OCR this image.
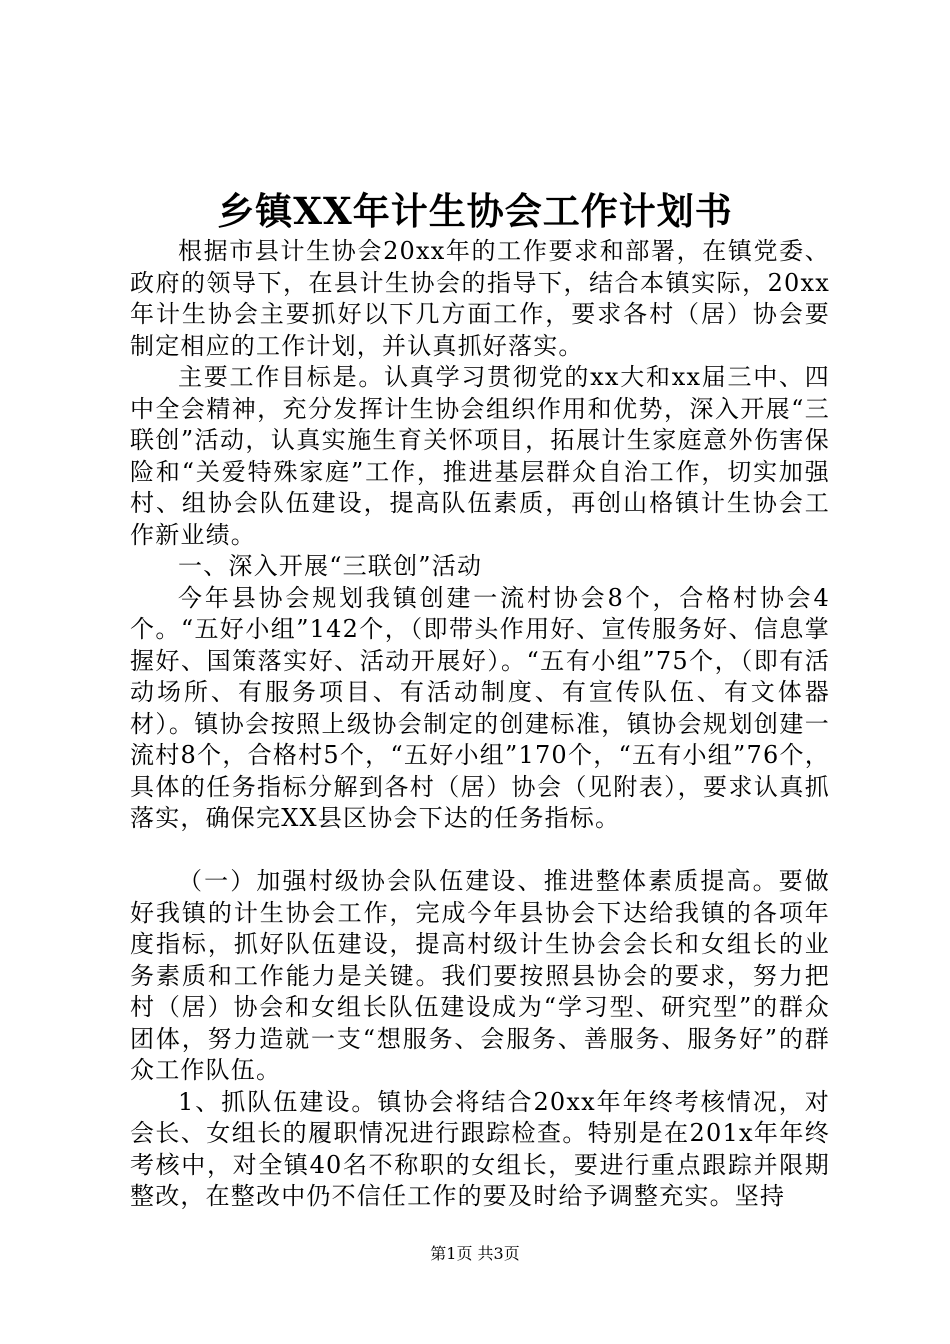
乡镇XX年计生协会工作计划书

根据市县计生协会20xx年的工作要求和部署，在镇党委、政府的领导下，在县计生协会的指导下，结合本镇实际，20xx年计生协会主要抓好以下几方面工作，要求各村（居）协会要制定相应的工作计划，并认真抓好落实。

主要工作目标是。认真学习贯彻党的xx大和xx届三中、四中全会精神，充分发挥计生协会组织作用和优势，深入开展“三联创”活动，认真实施生育关怀项目，拓展计生家庭意外伤害保险和“关爱特殊家庭”工作，推进基层群众自治工作，切实加强村、组协会队伍建设，提高队伍素质，再创山格镇计生协会工作新业绩。

一、深入开展“三联创”活动

今年县协会规划我镇创建一流村协会8个，合格村协会4个。“五好小组”142个，（即带头作用好、宣传服务好、信息掌握好、国策落实好、活动开展好）。“五有小组”75个，（即有活动场所、有服务项目、有活动制度、有宣传队伍、有文体器材）。镇协会按照上级协会制定的创建标准，镇协会规划创建一流村8个，合格村5个，“五好小组”170个，“五有小组”76个，具体的任务指标分解到各村（居）协会（见附表），要求认真抓落实，确保完XX县区协会下达的任务指标。

（一）加强村级协会队伍建设、推进整体素质提高。要做好我镇的计生协会工作，完成今年县协会下达给我镇的各项年度指标，抓好队伍建设，提高村级计生协会会长和女组长的业务素质和工作能力是关键。我们要按照县协会的要求，努力把村（居）协会和女组长队伍建设成为“学习型、研究型”的群众团体，努力造就一支“想服务、会服务、善服务、服务好”的群众工作队伍。

1、抓队伍建设。镇协会将结合20xx年年终考核情况，对会长、女组长的履职情况进行跟踪检查。特别是在201x年年终考核中，对全镇40名不称职的女组长，要进行重点跟踪并限期整改，在整改中仍不信任工作的要及时给予调整充实。坚持

第1页 共3页
